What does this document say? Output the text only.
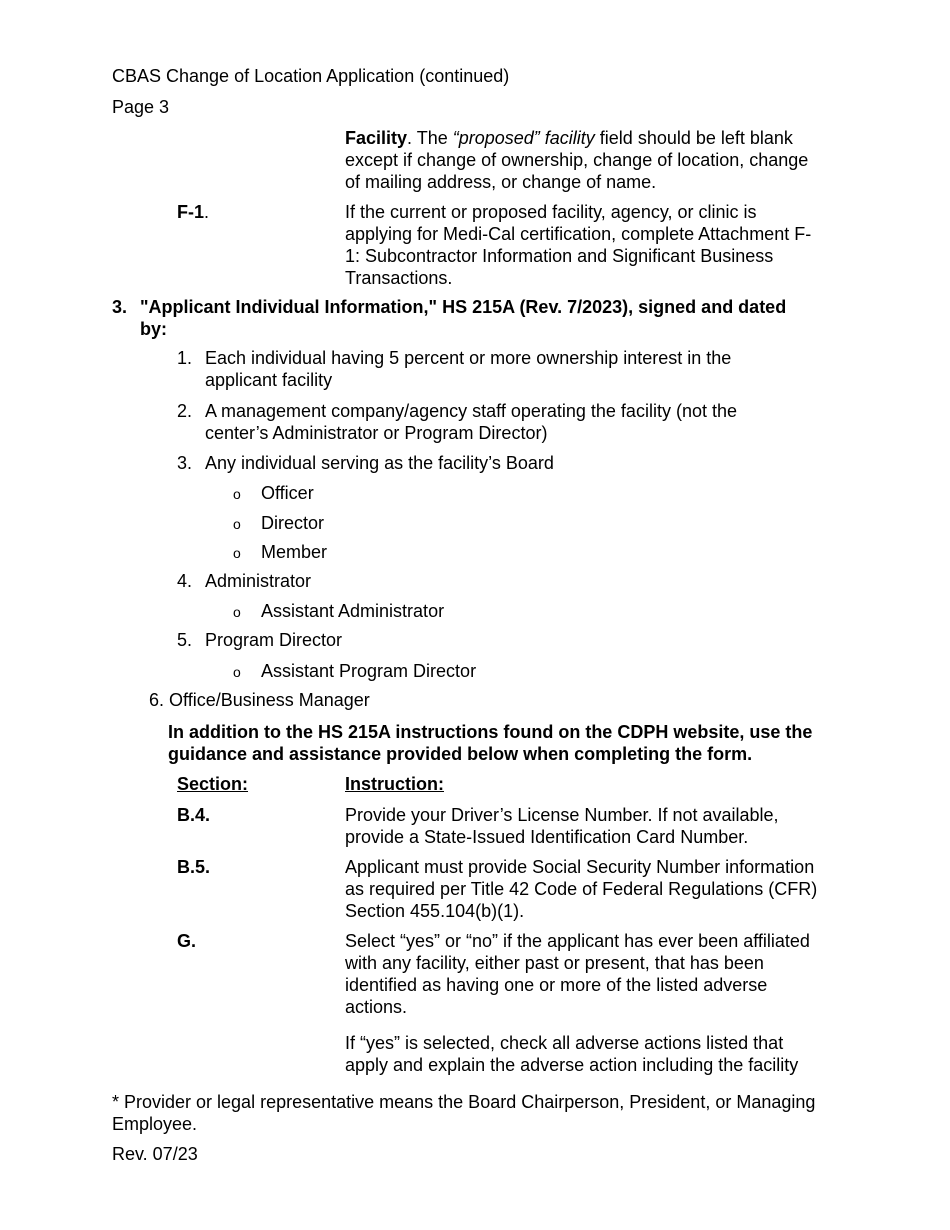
CBAS Change of Location Application (continued)
Page 3
Facility. The “proposed” facility field should be left blank
except if change of ownership, change of location, change
of mailing address, or change of name.
F-1.	If the current or proposed facility, agency, or clinic is
applying for Medi-Cal certification, complete Attachment F-
1: Subcontractor Information and Significant Business
Transactions.
3. "Applicant Individual Information," HS 215A (Rev. 7/2023), signed and dated
by:
1. Each individual having 5 percent or more ownership interest in the
applicant facility
2. A management company/agency staff operating the facility (not the
center’s Administrator or Program Director)
3. Any individual serving as the facility’s Board
o Officer
o Director
o Member
4. Administrator
o Assistant Administrator
5. Program Director
o Assistant Program Director
6. Office/Business Manager
In addition to the HS 215A instructions found on the CDPH website, use the
guidance and assistance provided below when completing the form.
Section:	Instruction:
B.4.	Provide your Driver’s License Number. If not available,
provide a State-Issued Identification Card Number.
B.5.	Applicant must provide Social Security Number information
as required per Title 42 Code of Federal Regulations (CFR)
Section 455.104(b)(1).
G.	Select “yes” or “no” if the applicant has ever been affiliated
with any facility, either past or present, that has been
identified as having one or more of the listed adverse
actions.
If “yes” is selected, check all adverse actions listed that
apply and explain the adverse action including the facility
* Provider or legal representative means the Board Chairperson, President, or Managing
Employee.
Rev. 07/23
